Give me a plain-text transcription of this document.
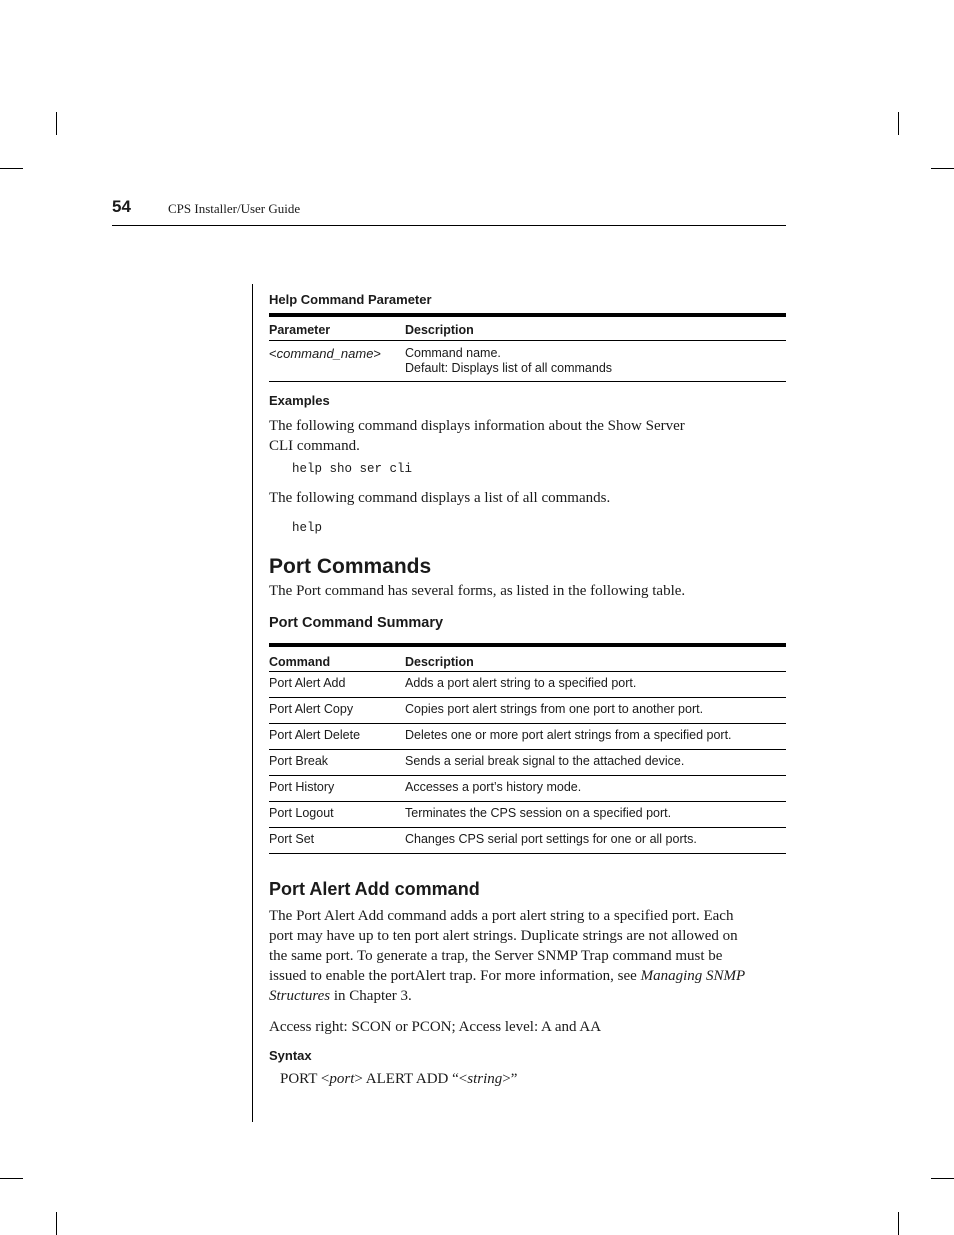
54	CPS Installer/User Guide

Help Command Parameter

Parameter	Description
<command_name>	Command name.
Default: Displays list of all commands

Examples

The following command displays information about the Show Server
CLI command.

help sho ser cli

The following command displays a list of all commands.

help

Port Commands

The Port command has several forms, as listed in the following table.

Port Command Summary
Command	Description
Port Alert Add	Adds a port alert string to a specified port.
Port Alert Copy	Copies port alert strings from one port to another port.
Port Alert Delete	Deletes one or more port alert strings from a specified port.
Port Break	Sends a serial break signal to the attached device.
Port History	Accesses a port’s history mode.
Port Logout	Terminates the CPS session on a specified port.
Port Set	Changes CPS serial port settings for one or all ports.
Port Alert Add command

The Port Alert Add command adds a port alert string to a specified port. Each
port may have up to ten port alert strings. Duplicate strings are not allowed on
the same port. To generate a trap, the Server SNMP Trap command must be
issued to enable the portAlert trap. For more information, see Managing SNMP
Structures in Chapter 3.

Access right: SCON or PCON; Access level: A and AA

Syntax

PORT <port> ALERT ADD “<string>”
